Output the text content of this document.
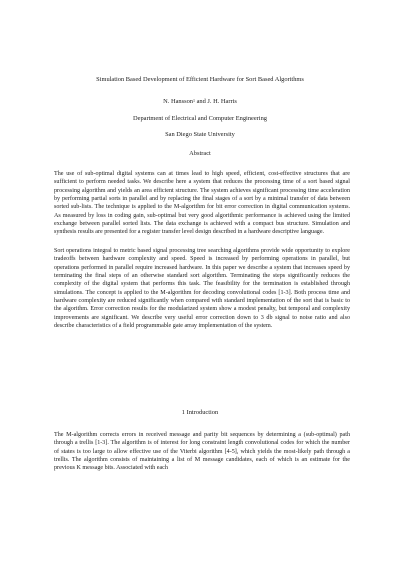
Simulation Based Development of Efficient Hardware for Sort Based Algorithms
N. Hansson$^1$ and J. H. Harris
Department of Electrical and Computer Engineering
San Diego State University
Abstract

The use of sub-optimal digital systems can at times lead to high speed, efficient, cost-effective structures that are sufficient to perform needed tasks. We describe here a system that reduces the processing time of a sort based signal processing algorithm and yields an area efficient structure. The system achieves significant processing time acceleration by performing partial sorts in parallel and by replacing the final stages of a sort by a minimal transfer of data between sorted sub-lists. The technique is applied to the M-algorithm for bit error correction in digital communication systems. As measured by loss in coding gain, sub-optimal but very good algorithmic performance is achieved using the limited exchange between parallel sorted lists. The data exchange is achieved with a compact bus structure. Simulation and synthesis results are presented for a register transfer level design described in a hardware descriptive language.

Sort operations integral to metric based signal processing tree searching algorithms provide wide opportunity to explore tradeoffs between hardware complexity and speed. Speed is increased by performing operations in parallel, but operations performed in parallel require increased hardware. In this paper we describe a system that increases speed by terminating the final steps of an otherwise standard sort algorithm. Terminating the steps significantly reduces the complexity of the digital system that performs this task. The feasibility for the termination is established through simulations. The concept is applied to the M-algorithm for decoding convolutional codes [1-3]. Both process time and hardware complexity are reduced significantly when compared with standard implementation of the sort that is basic to the algorithm. Error correction results for the modularized system show a modest penalty, but temporal and complexity improvements are significant. We describe very useful error correction down to 3 db signal to noise ratio and also describe characteristics of a field programmable gate array implementation of the system.

1 Introduction

The M-algorithm corrects errors in received message and parity bit sequences by determining a (sub-optimal) path through a trellis [1-3]. The algorithm is of interest for long constraint length convolutional codes for which the number of states is too large to allow effective use of the Viterbi algorithm [4-5], which yields the most-likely path through a trellis. The algorithm consists of maintaining a list of M message candidates, each of which is an estimate for the previous K message bits. Associated with each
